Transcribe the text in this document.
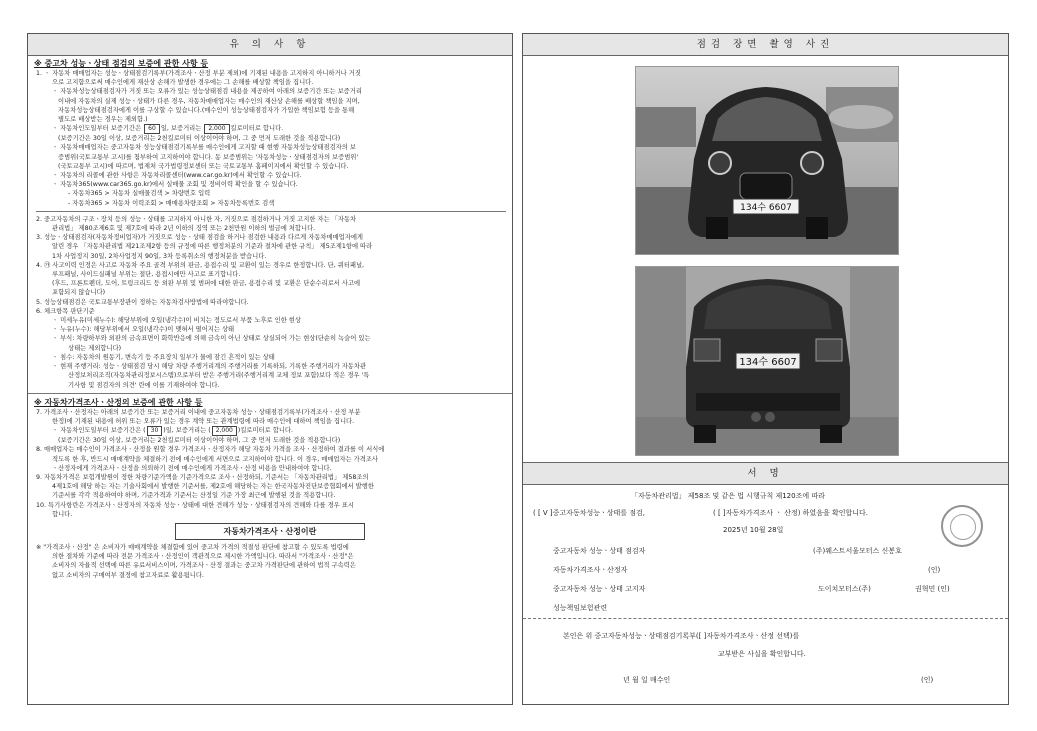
유 의 사 항
※ 중고차 성능ㆍ상태 점검의 보증에 관한 사항 등
1. ㆍ 자동차 매매업자는 성능ㆍ상태점검기록부(가격조사ㆍ산정 부분 제외)에 기재된 내용을 고지하지 아니하거나 거짓
으로 고지함으로써 매수인에게 재산상 손해가 발생한 경우에는 그 손해를 배상할 책임을 집니다.
ㆍ 자동차성능상태점검자가 거짓 또는 오류가 있는 성능상태점검 내용을 제공하여 아래의 보증기간 또는 보증거리
이내에 자동차의 실제 성능ㆍ상태가 다른 경우, 자동차매매업자는 매수인의 재산상 손해를 배상할 책임을 지며,
자동차성능상태점검자에게 이를 구상할 수 있습니다.(매수인이 성능상태점검자가 가입한 책임보험 등을 통해
별도로 배상받는 경우는 제외함.)
ㆍ 자동차인도일부터 보증기간은 60 일, 보증거리는 2,000 킬로미터로 합니다.
(보증기간은 30일 이상, 보증거리는 2천킬로미터 이상이어야 하며, 그 중 먼저 도래한 것을 적용합니다)
ㆍ 자동차매매업자는 중고자동차 성능상태점검기록부를 매수인에게 고지할 때 현행 자동차성능상태점검자의 보
증범위(국토교통부 고시)를 첨부하여 고지하여야 합니다. 동 보증범위는 '자동차성능ㆍ상태점검자의 보증범위'
(국토교통부 고시)에 따르며, 법제처 국가법령정보센터 또는 국토교통부 홈페이지에서 확인할 수 있습니다.
ㆍ 자동차의 리콜에 관한 사항은 자동차리콜센터(www.car.go.kr)에서 확인할 수 있습니다.
ㆍ 자동차365(www.car365.go.kr)에서 실매물 조회 및 정비이력 확인을 할 수 있습니다.
- 자동차365 > 자동차 실매물검색 > 차량번호 입력
- 자동차365 > 자동차 이력조회 > 매매용차량조회 > 자동차등록번호 검색
2. 중고자동차의 구조ㆍ장치 등의 성능ㆍ상태를 고지하지 아니한 자, 거짓으로 점검하거나 거짓 고지한 자는 「자동차
관리법」 제80조제6호 및 제7호에 따라 2년 이하의 징역 또는 2천만원 이하의 벌금에 처합니다.
3. 성능ㆍ상태점검자(자동차정비업자)가 거짓으로 성능ㆍ상태 점검을 하거나 점검한 내용과 다르게 자동차매매업자에게
알린 경우 「자동차관리법 제21조제2항 등의 규정에 따른 행정처분의 기준과 절차에 관한 규칙」 제5조제1항에 따라
1차 사업정지 30일, 2차사업정지 90일, 3차 등록취소의 행정처분을 받습니다.
4. ㉮ 사고이력 인정은 사고로 자동차 주요 골격 부위의 판금, 용접수리 및 교환이 있는 경우로 한정합니다. 단, 쿼터패널,
루프패널, 사이드실패널 부위는 절단, 용접시에만 사고로 표기합니다.
(후드, 프론트펜더, 도어, 트렁크리드 등 외판 부위 및 범퍼에 대한 판금, 용접수리 및 교환은 단순수리로서 사고에
포함되지 않습니다)
5. 성능상태점검은 국토교통부장관이 정하는 자동차검사방법에 따라야합니다.
6. 체크항목 판단기준
ㆍ 미세누유(미세누수): 해당부위에 오일(냉각수)이 비치는 정도로서 부품 노후로 인한 현상
ㆍ 누유(누수): 해당부위에서 오일(냉각수)이 맺혀서 떨어지는 상태
ㆍ 부식: 차량하부와 외판의 금속표면이 화학반응에 의해 금속이 아닌 상태로 상실되어 가는 현상(단순히 녹슬어 있는
상태는 제외합니다)
ㆍ 침수: 자동차의 원동기, 변속기 등 주요장치 일부가 물에 잠긴 흔적이 있는 상태
ㆍ 현재 주행거리: 성능ㆍ상태점검 당시 해당 차량 주행거리계의 주행거리를 기록하되, 기록한 주행거리가 자동차관
산정보처리조직(자동차관리정보시스템)으로부터 받은 주행거리(주행거리계 교체 정보 포함)보다 적은 경우 '특
기사항 및 점검자의 의견' 란에 이를 기재하여야 합니다.
※ 자동차가격조사ㆍ산정의 보증에 관한 사항 등
7. 가격조사ㆍ산정자는 아래의 보증기간 또는 보증거리 이내에 중고자동차 성능ㆍ상태점검기록부(가격조사ㆍ산정 부분
한정)에 기재된 내용에 허위 또는 오류가 있는 경우 계약 또는 관계법령에 따라 매수인에 대하여 책임을 집니다.
ㆍ 자동차인도일부터 보증기간은 ( 30 )일, 보증거리는 ( 2,000 )킬로미터로 합니다.
(보증기간은 30일 이상, 보증거리는 2천킬로미터 이상이어야 하며, 그 중 먼저 도래한 것을 적용합니다)
8. 매매업자는 매수인이 가격조사ㆍ산정을 원할 경우 가격조사ㆍ산정자가 해당 자동차 가격을 조사ㆍ산정하여 결과를 이 서식에
적도록 한 후, 반드시 매매계약을 체결하기 전에 매수인에게 서면으로 고지하여야 합니다. 이 경우, 매매업자는 가격조사
ㆍ산정자에게 가격조사ㆍ산정을 의뢰하기 전에 매수인에게 가격조사ㆍ산정 비용을 안내하여야 합니다.
9. 자동차가격은 보험개발원이 정한 차량기준가액을 기준가격으로 조사ㆍ산정하되, 기준서는 「자동차관리법」 제58조의
4제1호에 해당 하는 자는 기술사회에서 발행한 기준서를, 제2호에 해당하는 자는 한국자동차진단보증협회에서 발행한
기준서를 각각 적용하여야 하며, 기준가격과 기준서는 산정일 기준 가장 최근에 발행된 것을 적용합니다.
10. 특기사항란은 가격조사ㆍ산정자의 자동차 성능ㆍ상태에 대한 견해가 성능ㆍ상태점검자의 견해와 다를 경우 표시
합니다.
자동차가격조사ㆍ산정이란
※ "가격조사ㆍ산정" 은 소비자가 매매계약을 체결함에 있어 중고차 가격의 적절성 판단에 참고할 수 있도록 법령에
의한 절차와 기준에 따라 전문 가격조사ㆍ산정인이 객관적으로 제시한 가액입니다. 따라서 "가격조사ㆍ산정"은
소비자의 자율적 선택에 따른 유료서비스이며, 가격조사ㆍ산정 결과는 중고차 가격판단에 관하여 법적 구속력은
없고 소비자의 구매여부 결정에 참고자료로 활용됩니다.
점검 장면 촬영 사진
134수 6607
134수 6607
서 명
「자동차관리법」 제58조 및 같은 법 시행규칙 제120조에 따라
( [ V ]중고자동차성능ㆍ상태를 점검,	( [ ]자동차가격조사 ㆍ 산정) 하였음을 확인합니다.
2025년 10월 28일
중고자동차 성능ㆍ상태 점검자	(주)웨스트서울모터스 신봉호
자동차가격조사ㆍ산정자	(인)
중고자동차 성능ㆍ상태 고지자	도이치모터스(주)	권혁민 (인)
성능책임보험관련
본인은 위 중고자동차성능ㆍ상태점검기록부([ ]자동차가격조사ㆍ산정 선택)를
교부받은 사실을 확인합니다.
년 월 일 매수인	(인)
